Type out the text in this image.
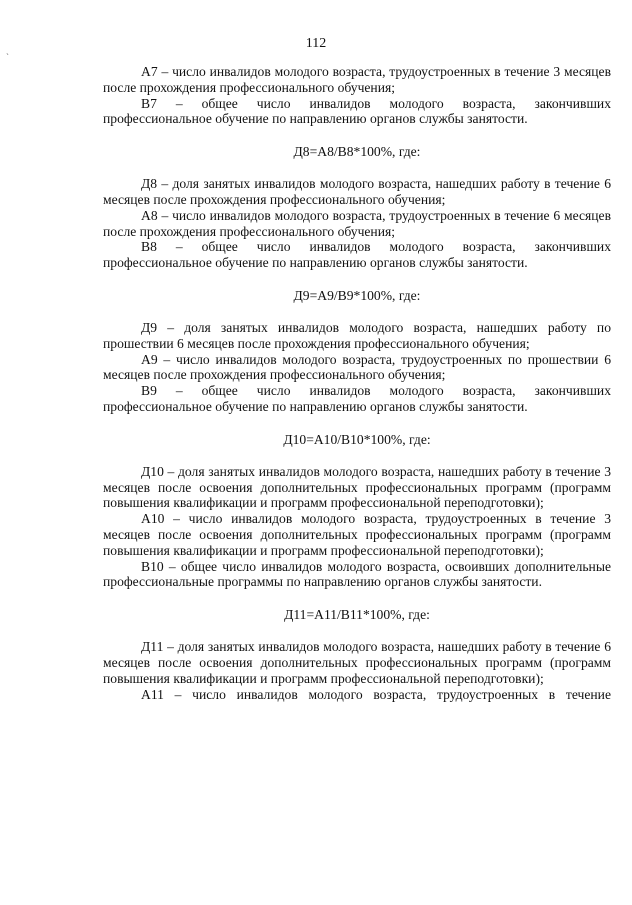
`
112

А7 – число инвалидов молодого возраста, трудоустроенных в течение 3 месяцев после прохождения профессионального обучения;

В7 – общее число инвалидов молодого возраста, закончивших профессиональное обучение по направлению органов службы занятости.

Д8=А8/В8*100%, где:

Д8 – доля занятых инвалидов молодого возраста, нашедших работу в течение 6 месяцев после прохождения профессионального обучения;

А8 – число инвалидов молодого возраста, трудоустроенных в течение 6 месяцев после прохождения профессионального обучения;

В8 – общее число инвалидов молодого возраста, закончивших профессиональное обучение по направлению органов службы занятости.

Д9=А9/В9*100%, где:

Д9 – доля занятых инвалидов молодого возраста, нашедших работу по прошествии 6 месяцев после прохождения профессионального обучения;

А9 – число инвалидов молодого возраста, трудоустроенных по прошествии 6 месяцев после прохождения профессионального обучения;

В9 – общее число инвалидов молодого возраста, закончивших профессиональное обучение по направлению органов службы занятости.

Д10=А10/В10*100%, где:

Д10 – доля занятых инвалидов молодого возраста, нашедших работу в течение 3 месяцев после освоения дополнительных профессиональных программ (программ повышения квалификации и программ профессиональной переподготовки);

А10 – число инвалидов молодого возраста, трудоустроенных в течение 3 месяцев после освоения дополнительных профессиональных программ (программ повышения квалификации и программ профессиональной переподготовки);

В10 – общее число инвалидов молодого возраста, освоивших дополнительные профессиональные программы по направлению органов службы занятости.

Д11=А11/В11*100%, где:

Д11 – доля занятых инвалидов молодого возраста, нашедших работу в течение 6 месяцев после освоения дополнительных профессиональных программ (программ повышения квалификации и программ профессиональной переподготовки);

А11 – число инвалидов молодого возраста, трудоустроенных в течение
